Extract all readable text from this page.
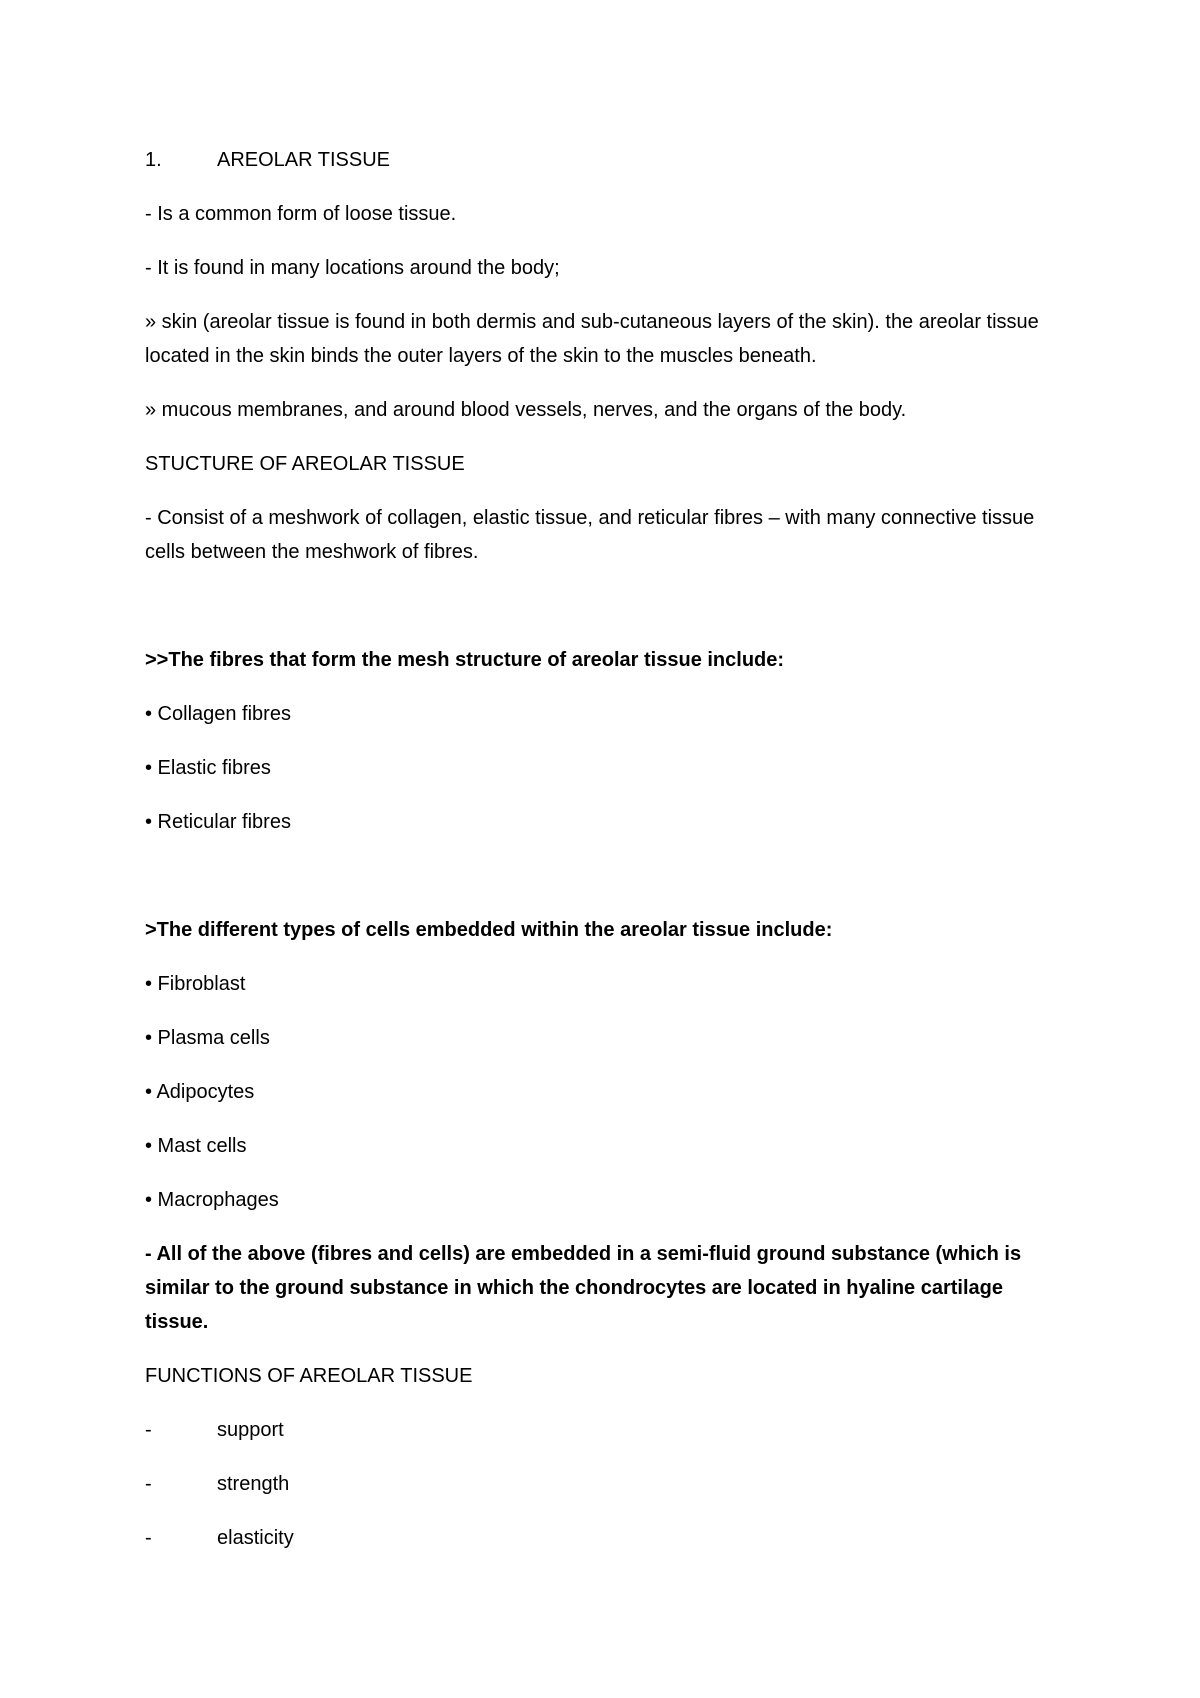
1.	AREOLAR TISSUE

- Is a common form of loose tissue.

- It is found in many locations around the body;

» skin (areolar tissue is found in both dermis and sub-cutaneous layers of the skin). the areolar tissue located in the skin binds the outer layers of the skin to the muscles beneath.

» mucous membranes, and around blood vessels, nerves, and the organs of the body.

STUCTURE OF AREOLAR TISSUE

- Consist of a meshwork of collagen, elastic tissue, and reticular fibres – with many connective tissue cells between the meshwork of fibres.

>>The fibres that form the mesh structure of areolar tissue include:

• Collagen fibres

• Elastic fibres

• Reticular fibres

>The different types of cells embedded within the areolar tissue include:

• Fibroblast

• Plasma cells

• Adipocytes

• Mast cells

• Macrophages

- All of the above (fibres and cells) are embedded in a semi-fluid ground substance (which is similar to the ground substance in which the chondrocytes are located in hyaline cartilage tissue.

FUNCTIONS OF AREOLAR TISSUE

-	support
-	strength
-	elasticity
